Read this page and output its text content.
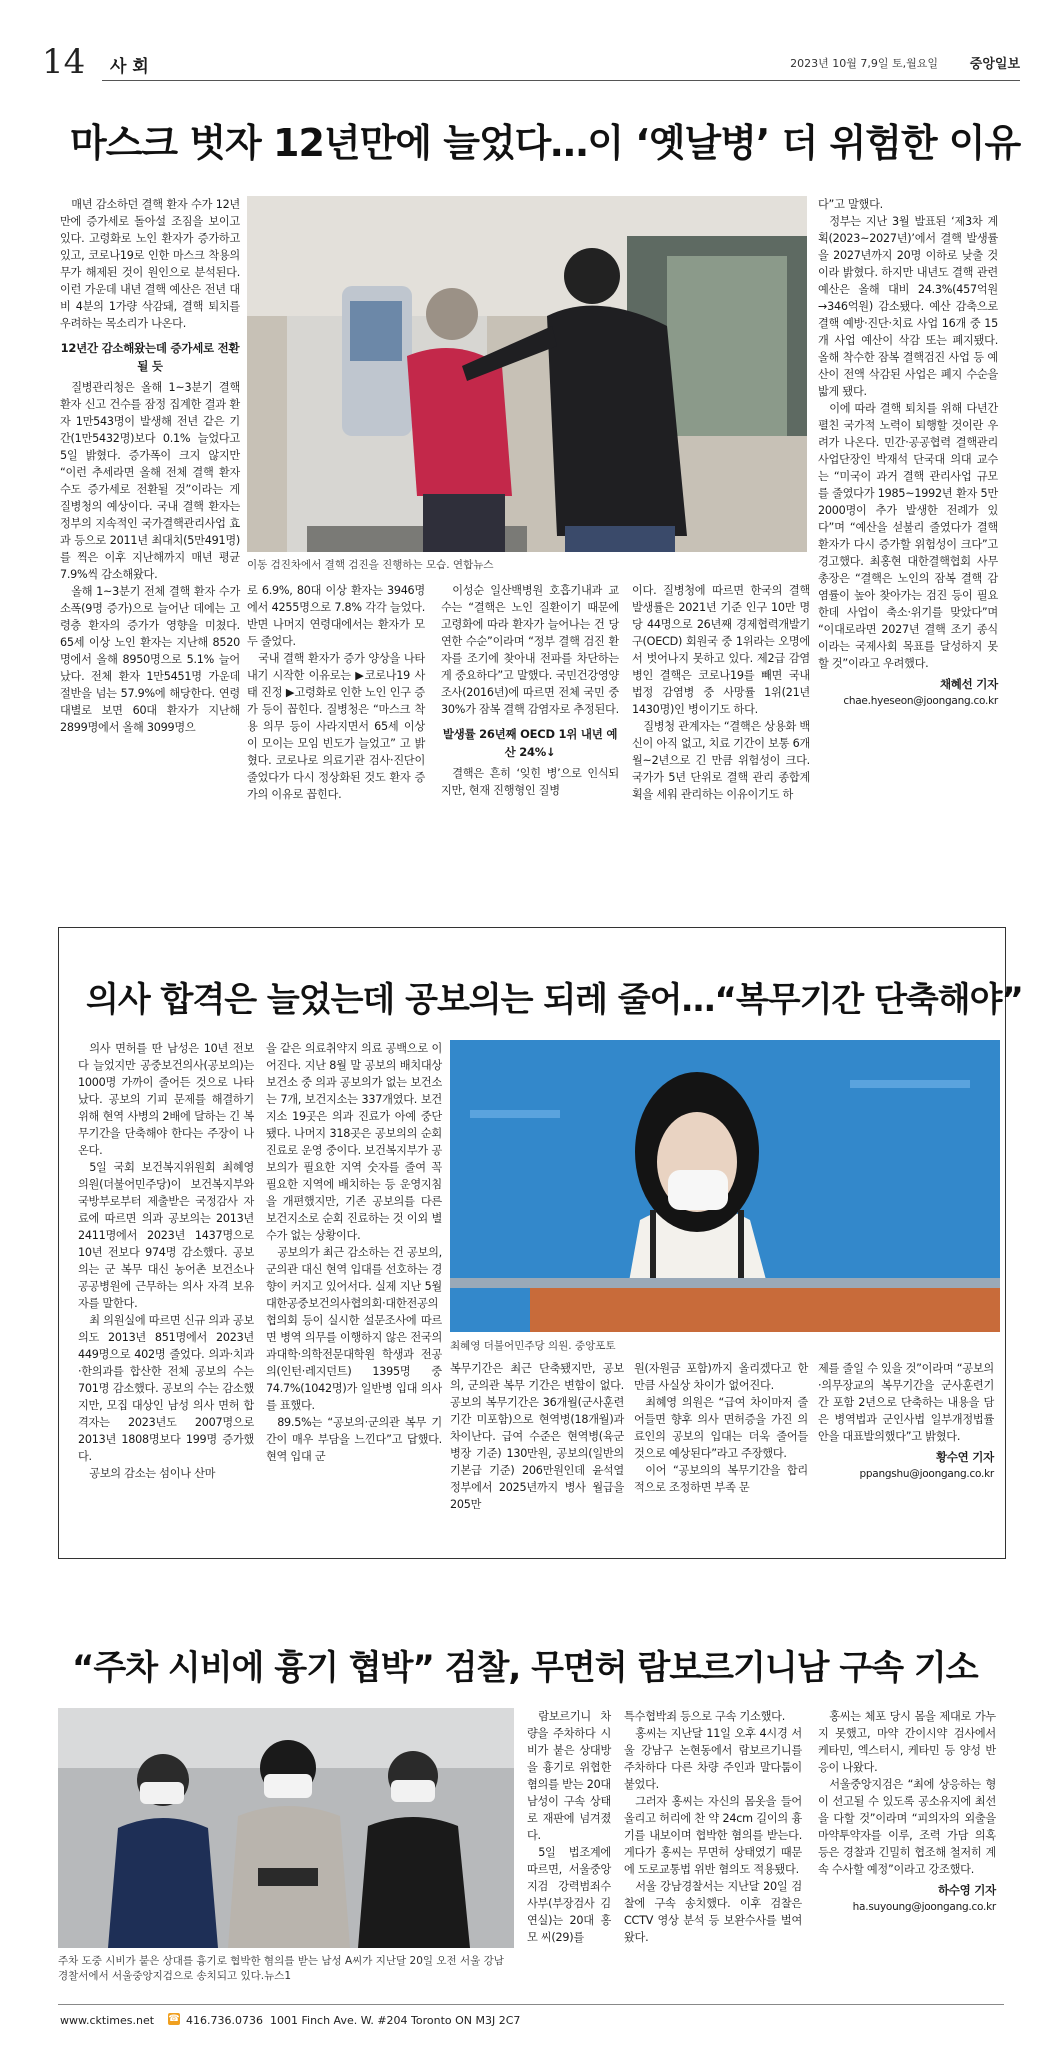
14 사 회	2023년 10월 7,9일 토,월요일 중앙일보
마스크 벗자 12년만에 늘었다…이 ‘옛날병’ 더 위험한 이유

매년 감소하던 결핵 환자 수가 12년 만에 증가세로 돌아설 조짐을 보이고 있다. 고령화로 노인 환자가 증가하고 있고, 코로나19로 인한 마스크 착용의무가 해제된 것이 원인으로 분석된다. 이런 가운데 내년 결핵 예산은 전년 대비 4분의 1가량 삭감돼, 결핵 퇴치를 우려하는 목소리가 나온다.

12년간 감소해왔는데 증가세로 전환될 듯

질병관리청은 올해 1~3분기 결핵 환자 신고 건수를 잠정 집계한 결과 환자 1만543명이 발생해 전년 같은 기간(1만5432명)보다 0.1% 늘었다고 5일 밝혔다. 증가폭이 크지 않지만 “이런 추세라면 올해 전체 결핵 환자 수도 증가세로 전환될 것”이라는 게 질병청의 예상이다. 국내 결핵 환자는 정부의 지속적인 국가결핵관리사업 효과 등으로 2011년 최대치(5만491명)를 찍은 이후 지난해까지 매년 평균 7.9%씩 감소해왔다.

올해 1~3분기 전체 결핵 환자 수가 소폭(9명 증가)으로 늘어난 데에는 고령층 환자의 증가가 영향을 미쳤다. 65세 이상 노인 환자는 지난해 8520명에서 올해 8950명으로 5.1% 늘어났다. 전체 환자 1만5451명 가운데 절반을 넘는 57.9%에 해당한다. 연령대별로 보면 60대 환자가 지난해 2899명에서 올해 3099명으

이동 검진차에서 결핵 검진을 진행하는 모습. 연합뉴스

로 6.9%, 80대 이상 환자는 3946명에서 4255명으로 7.8% 각각 늘었다. 반면 나머지 연령대에서는 환자가 모두 줄었다.

국내 결핵 환자가 증가 양상을 나타내기 시작한 이유로는 ▶코로나19 사태 진정 ▶고령화로 인한 노인 인구 증가 등이 꼽힌다. 질병청은 “마스크 착용 의무 등이 사라지면서 65세 이상이 모이는 모임 빈도가 늘었고” 고 밝혔다. 코로나로 의료기관 검사·진단이 줄었다가 다시 정상화된 것도 환자 증가의 이유로 꼽힌다.

이성순 일산백병원 호흡기내과 교수는 “결핵은 노인 질환이기 때문에 고령화에 따라 환자가 늘어나는 건 당연한 수순”이라며 “정부 결핵 검진 환자를 조기에 찾아내 전파를 차단하는 게 중요하다”고 말했다. 국민건강영양조사(2016년)에 따르면 전체 국민 중 30%가 잠복 결핵 감염자로 추정된다.

발생률 26년째 OECD 1위 내년 예산 24%↓

결핵은 흔히 ‘잊힌 병’으로 인식되지만, 현재 진행형인 질병

이다. 질병청에 따르면 한국의 결핵 발생률은 2021년 기준 인구 10만 명당 44명으로 26년째 경제협력개발기구(OECD) 회원국 중 1위라는 오명에서 벗어나지 못하고 있다. 제2급 감염병인 결핵은 코로나19를 빼면 국내 법정 감염병 중 사망률 1위(21년 1430명)인 병이기도 하다.

질병청 관계자는 “결핵은 상용화 백신이 아직 없고, 치료 기간이 보통 6개월~2년으로 긴 만큼 위험성이 크다. 국가가 5년 단위로 결핵 관리 종합계획을 세워 관리하는 이유이기도 하

다”고 말했다.

정부는 지난 3월 발표된 ‘제3차 계획(2023~2027년)’에서 결핵 발생률을 2027년까지 20명 이하로 낮출 것이라 밝혔다. 하지만 내년도 결핵 관련 예산은 올해 대비 24.3%(457억원→346억원) 감소됐다. 예산 감축으로 결핵 예방·진단·치료 사업 16개 중 15개 사업 예산이 삭감 또는 폐지됐다. 올해 착수한 잠복 결핵검진 사업 등 예산이 전액 삭감된 사업은 폐지 수순을 밟게 됐다.

이에 따라 결핵 퇴치를 위해 다년간 펼친 국가적 노력이 퇴행할 것이란 우려가 나온다. 민간·공공협력 결핵관리사업단장인 박재석 단국대 의대 교수는 “미국이 과거 결핵 관리사업 규모를 줄였다가 1985~1992년 환자 5만2000명이 추가 발생한 전례가 있다”며 “예산을 섣불리 줄였다가 결핵 환자가 다시 증가할 위험성이 크다”고 경고했다. 최홍현 대한결핵협회 사무총장은 “결핵은 노인의 잠복 결핵 감염률이 높아 찾아가는 검진 등이 필요한데 사업이 축소·위기를 맞았다”며 “이대로라면 2027년 결핵 조기 종식이라는 국제사회 목표를 달성하지 못할 것”이라고 우려했다.

채혜선 기자
chae.hyeseon@joongang.co.kr
의사 합격은 늘었는데 공보의는 되레 줄어…“복무기간 단축해야”

의사 면허를 딴 남성은 10년 전보다 늘었지만 공중보건의사(공보의)는 1000명 가까이 줄어든 것으로 나타났다. 공보의 기피 문제를 해결하기 위해 현역 사병의 2배에 달하는 긴 복무기간을 단축해야 한다는 주장이 나온다.

5일 국회 보건복지위원회 최혜영 의원(더불어민주당)이 보건복지부와 국방부로부터 제출받은 국정감사 자료에 따르면 의과 공보의는 2013년 2411명에서 2023년 1437명으로 10년 전보다 974명 감소했다. 공보의는 군 복무 대신 농어촌 보건소나 공공병원에 근무하는 의사 자격 보유자를 말한다.

최 의원실에 따르면 신규 의과 공보의도 2013년 851명에서 2023년 449명으로 402명 줄었다. 의과·치과·한의과를 합산한 전체 공보의 수는 701명 감소했다. 공보의 수는 감소했지만, 모집 대상인 남성 의사 면허 합격자는 2023년도 2007명으로 2013년 1808명보다 199명 증가했다.

공보의 감소는 섬이나 산마

을 같은 의료취약지 의료 공백으로 이어진다. 지난 8월 말 공보의 배치대상 보건소 중 의과 공보의가 없는 보건소는 7개, 보건지소는 337개였다. 보건지소 19곳은 의과 진료가 아예 중단됐다. 나머지 318곳은 공보의의 순회 진료로 운영 중이다. 보건복지부가 공보의가 필요한 지역 숫자를 줄여 꼭 필요한 지역에 배치하는 등 운영지침을 개편했지만, 기존 공보의를 다른 보건지소로 순회 진료하는 것 이외 별수가 없는 상황이다.

공보의가 최근 감소하는 건 공보의, 군의관 대신 현역 입대를 선호하는 경향이 커지고 있어서다. 실제 지난 5월 대한공중보건의사협의회·대한전공의협의회 등이 실시한 설문조사에 따르면 병역 의무를 이행하지 않은 전국의과대학·의학전문대학원 학생과 전공의(인턴·레지던트) 1395명 중 74.7%(1042명)가 일반병 입대 의사를 표했다.

89.5%는 “공보의·군의관 복무 기간이 매우 부담을 느낀다”고 답했다. 현역 입대 군

최혜영 더불어민주당 의원. 중앙포토

복무기간은 최근 단축됐지만, 공보의, 군의관 복무 기간은 변함이 없다. 공보의 복무기간은 36개월(군사훈련 기간 미포함)으로 현역병(18개월)과 차이난다. 급여 수준은 현역병(육군 병장 기준) 130만원, 공보의(일반의 기본급 기준) 206만원인데 윤석열 정부에서 2025년까지 병사 월급을 205만

원(자원금 포함)까지 올리겠다고 한 만큼 사실상 차이가 없어진다.

최혜영 의원은 “급여 차이마저 줄어들면 향후 의사 면허증을 가진 의료인의 공보의 입대는 더욱 줄어들 것으로 예상된다”라고 주장했다.

이어 “공보의의 복무기간을 합리적으로 조정하면 부족 문

제를 줄일 수 있을 것”이라며 “공보의·의무장교의 복무기간을 군사훈련기간 포함 2년으로 단축하는 내용을 담은 병역법과 군인사법 일부개정법률안을 대표발의했다”고 밝혔다.

황수연 기자
ppangshu@joongang.co.kr
“주차 시비에 흉기 협박” 검찰, 무면허 람보르기니남 구속 기소
주차 도중 시비가 붙은 상대를 흉기로 협박한 혐의를 받는 남성 A씨가 지난달 20일 오전 서울 강남경찰서에서 서울중앙지검으로 송치되고 있다.뉴스1

람보르기니 차량을 주차하다 시비가 붙은 상대방을 흉기로 위협한 혐의를 받는 20대 남성이 구속 상태로 재판에 넘겨졌다.

5일 법조계에 따르면, 서울중앙지검 강력범죄수사부(부장검사 김연실)는 20대 홍모 씨(29)를

특수협박죄 등으로 구속 기소했다.

홍씨는 지난달 11일 오후 4시경 서울 강남구 논현동에서 람보르기니를 주차하다 다른 차량 주인과 말다툼이 붙었다.

그러자 홍씨는 자신의 몸옷을 들어 올리고 허리에 찬 약 24cm 길이의 흉기를 내보이며 협박한 혐의를 받는다. 게다가 홍씨는 무면허 상태였기 때문에 도로교통법 위반 혐의도 적용됐다.

서울 강남경찰서는 지난달 20일 검찰에 구속 송치했다. 이후 검찰은 CCTV 영상 분석 등 보완수사를 벌여왔다.

홍씨는 체포 당시 몸을 제대로 가누지 못했고, 마약 간이시약 검사에서 케타민, 엑스터시, 케타민 등 양성 반응이 나왔다.

서울중앙지검은 “최에 상응하는 형이 선고될 수 있도록 공소유지에 최선을 다할 것”이라며 “피의자의 외출을 마약투약자를 이루, 조력 가담 의혹 등은 경찰과 긴밀히 협조해 철저히 계속 수사할 예정”이라고 강조했다.

하수영 기자
ha.suyoung@joongang.co.kr
www.cktimes.net ☎ 416.736.0736 1001 Finch Ave. W. #204 Toronto ON M3J 2C7
